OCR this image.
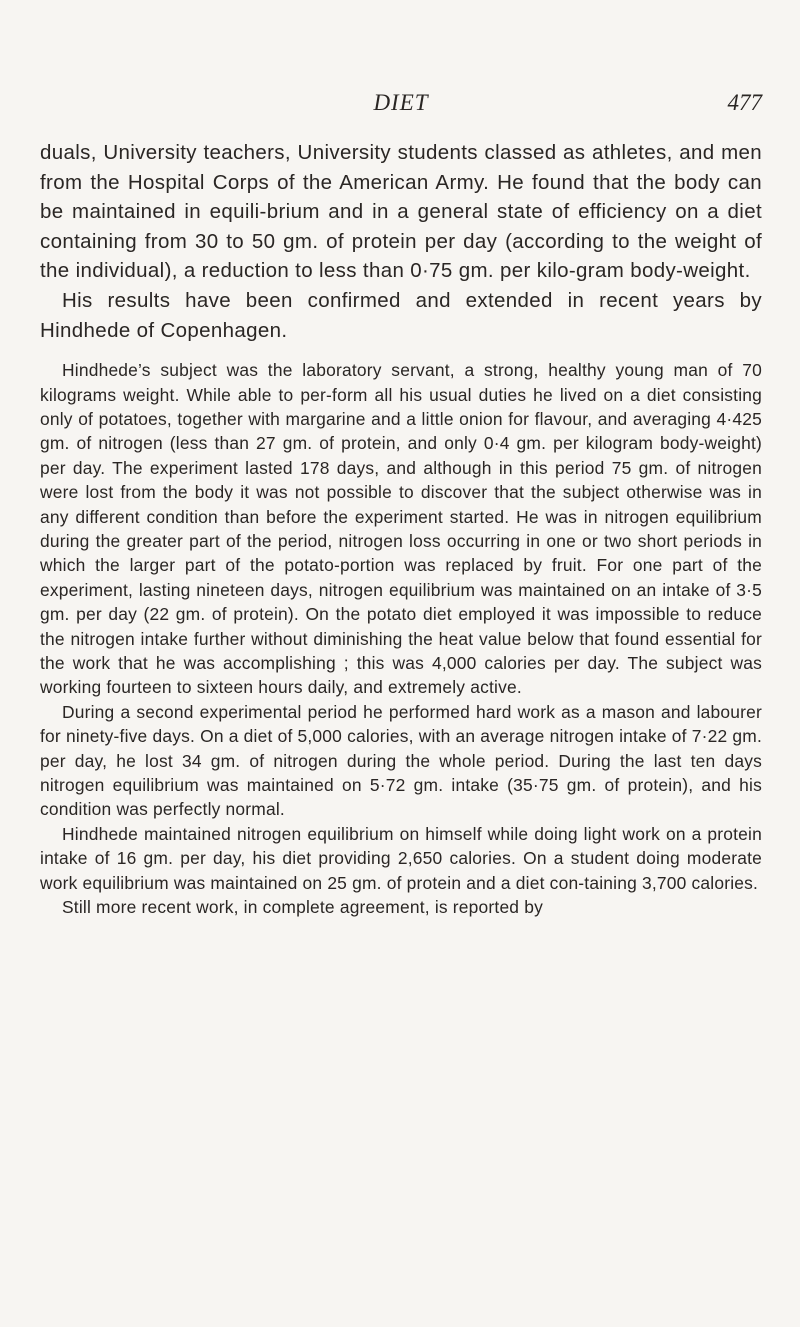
DIET	477

duals, University teachers, University students classed as athletes, and men from the Hospital Corps of the American Army. He found that the body can be maintained in equili-brium and in a general state of efficiency on a diet containing from 30 to 50 gm. of protein per day (according to the weight of the individual), a reduction to less than 0·75 gm. per kilo-gram body-weight.

His results have been confirmed and extended in recent years by Hindhede of Copenhagen.

Hindhede’s subject was the laboratory servant, a strong, healthy young man of 70 kilograms weight. While able to per-form all his usual duties he lived on a diet consisting only of potatoes, together with margarine and a little onion for flavour, and averaging 4·425 gm. of nitrogen (less than 27 gm. of protein, and only 0·4 gm. per kilogram body-weight) per day. The experiment lasted 178 days, and although in this period 75 gm. of nitrogen were lost from the body it was not possible to discover that the subject otherwise was in any different condition than before the experiment started. He was in nitrogen equilibrium during the greater part of the period, nitrogen loss occurring in one or two short periods in which the larger part of the potato-portion was replaced by fruit. For one part of the experiment, lasting nineteen days, nitrogen equilibrium was maintained on an intake of 3·5 gm. per day (22 gm. of protein). On the potato diet employed it was impossible to reduce the nitrogen intake further without diminishing the heat value below that found essential for the work that he was accomplishing ; this was 4,000 calories per day. The subject was working fourteen to sixteen hours daily, and extremely active.

During a second experimental period he performed hard work as a mason and labourer for ninety-five days. On a diet of 5,000 calories, with an average nitrogen intake of 7·22 gm. per day, he lost 34 gm. of nitrogen during the whole period. During the last ten days nitrogen equilibrium was maintained on 5·72 gm. intake (35·75 gm. of protein), and his condition was perfectly normal.

Hindhede maintained nitrogen equilibrium on himself while doing light work on a protein intake of 16 gm. per day, his diet providing 2,650 calories. On a student doing moderate work equilibrium was maintained on 25 gm. of protein and a diet con-taining 3,700 calories.

Still more recent work, in complete agreement, is reported by
